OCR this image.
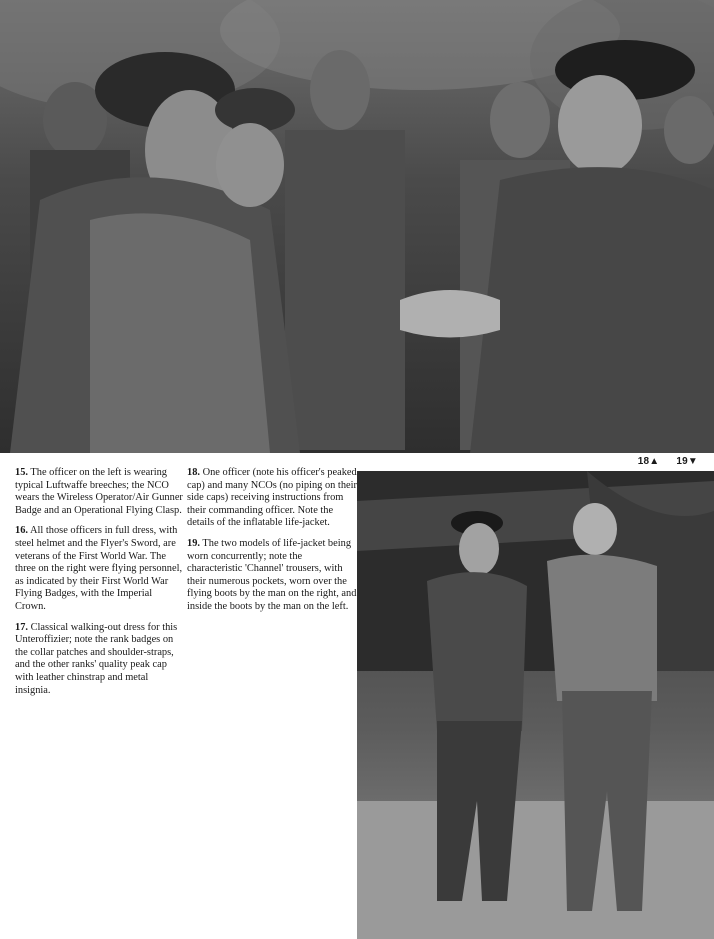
15. The officer on the left is wearing typical Luftwaffe breeches; the NCO wears the Wireless Operator/Air Gunner Badge and an Operational Flying Clasp.

16. All those officers in full dress, with steel helmet and the Flyer's Sword, are veterans of the First World War. The three on the right were flying personnel, as indicated by their First World War Flying Badges, with the Imperial Crown.

17. Classical walking-out dress for this Unteroffizier; note the rank badges on the collar patches and shoulder-straps, and the other ranks' quality peak cap with leather chinstrap and metal insignia.

18. One officer (note his officer's peaked cap) and many NCOs (no piping on their side caps) receiving instructions from their commanding officer. Note the details of the inflatable life-jacket.

19. The two models of life-jacket being worn concurrently; note the characteristic 'Channel' trousers, with their numerous pockets, worn over the flying boots by the man on the right, and inside the boots by the man on the left.

18▲ 19▼
